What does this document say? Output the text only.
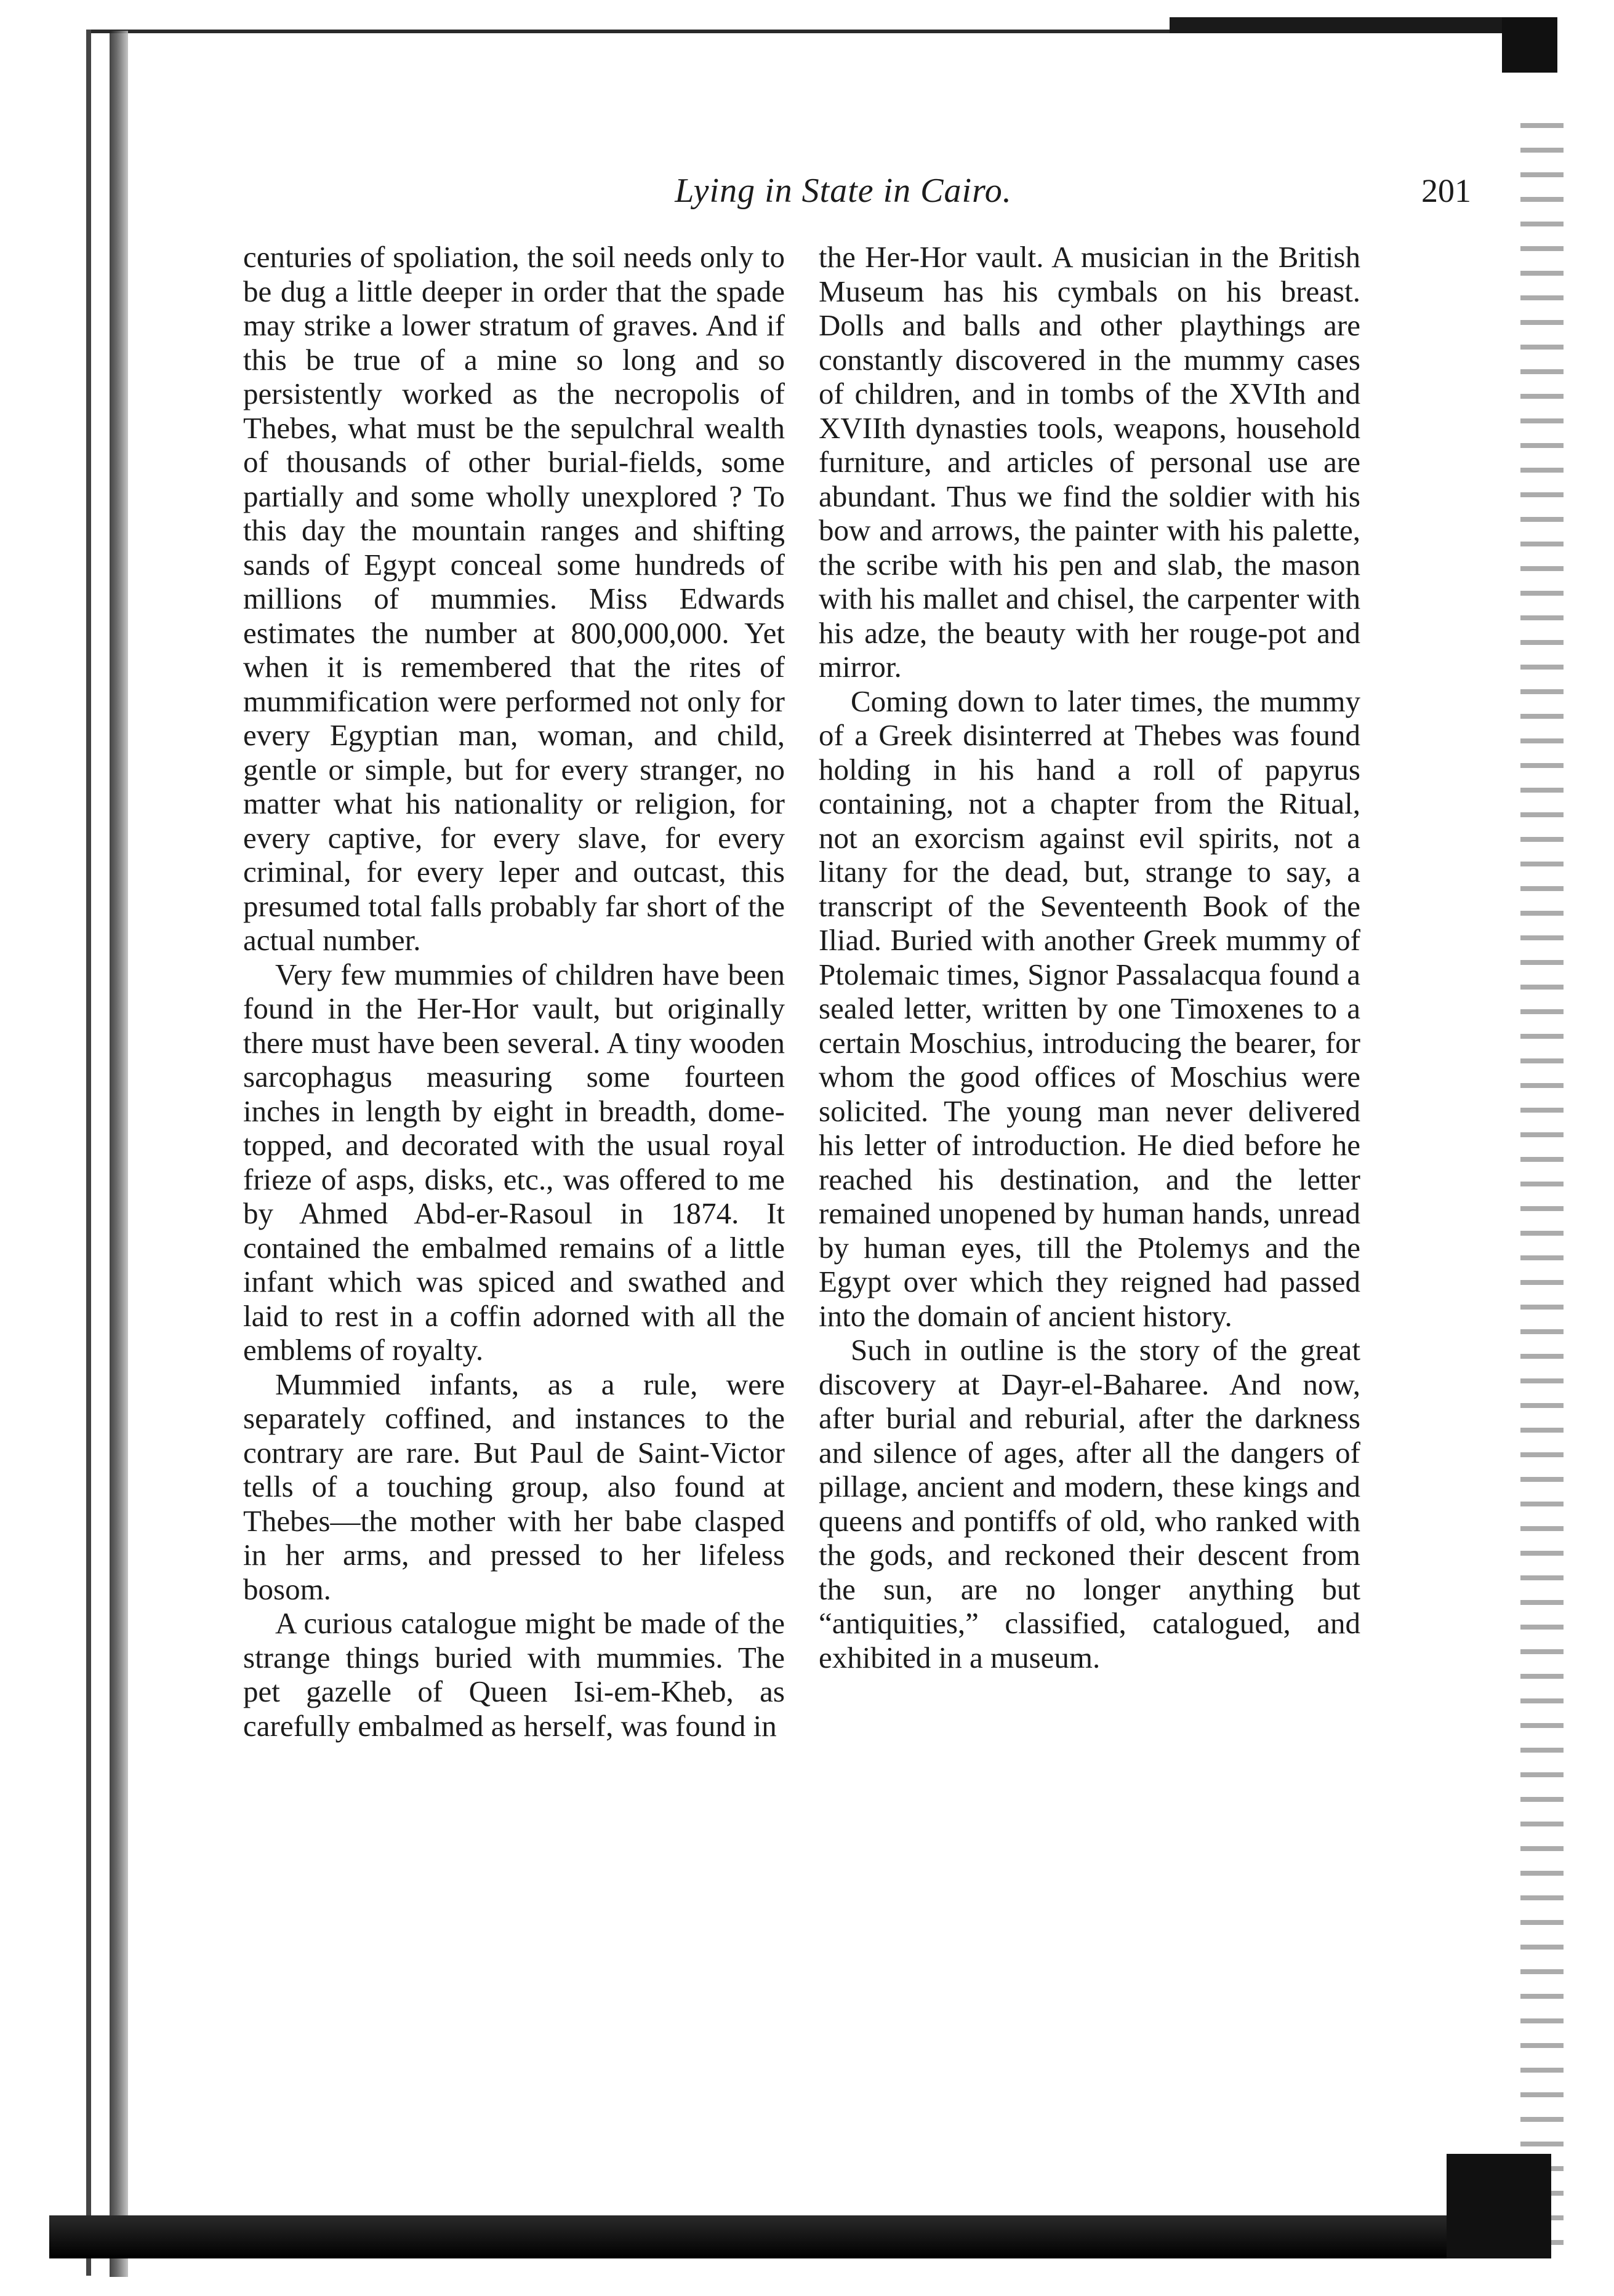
Lying in State in Cairo.	201

centuries of spoliation, the soil needs only to be dug a little deeper in order that the spade may strike a lower stratum of graves. And if this be true of a mine so long and so persistently worked as the necropolis of Thebes, what must be the sepulchral wealth of thousands of other burial-fields, some partially and some wholly unexplored ? To this day the mountain ranges and shifting sands of Egypt conceal some hundreds of millions of mummies. Miss Edwards estimates the number at 800,000,000. Yet when it is remembered that the rites of mummification were performed not only for every Egyptian man, woman, and child, gentle or simple, but for every stranger, no matter what his nationality or religion, for every captive, for every slave, for every criminal, for every leper and outcast, this presumed total falls probably far short of the actual number.

Very few mummies of children have been found in the Her-Hor vault, but originally there must have been several. A tiny wooden sarcophagus measuring some fourteen inches in length by eight in breadth, dome-topped, and decorated with the usual royal frieze of asps, disks, etc., was offered to me by Ahmed Abd-er-Rasoul in 1874. It contained the embalmed remains of a little infant which was spiced and swathed and laid to rest in a coffin adorned with all the emblems of royalty.

Mummied infants, as a rule, were separately coffined, and instances to the contrary are rare. But Paul de Saint-Victor tells of a touching group, also found at Thebes—the mother with her babe clasped in her arms, and pressed to her lifeless bosom.

A curious catalogue might be made of the strange things buried with mummies. The pet gazelle of Queen Isi-em-Kheb, as carefully embalmed as herself, was found in

the Her-Hor vault. A musician in the British Museum has his cymbals on his breast. Dolls and balls and other playthings are constantly discovered in the mummy cases of children, and in tombs of the XVIth and XVIIth dynasties tools, weapons, household furniture, and articles of personal use are abundant. Thus we find the soldier with his bow and arrows, the painter with his palette, the scribe with his pen and slab, the mason with his mallet and chisel, the carpenter with his adze, the beauty with her rouge-pot and mirror.

Coming down to later times, the mummy of a Greek disinterred at Thebes was found holding in his hand a roll of papyrus containing, not a chapter from the Ritual, not an exorcism against evil spirits, not a litany for the dead, but, strange to say, a transcript of the Seventeenth Book of the Iliad. Buried with another Greek mummy of Ptolemaic times, Signor Passalacqua found a sealed letter, written by one Timoxenes to a certain Moschius, introducing the bearer, for whom the good offices of Moschius were solicited. The young man never delivered his letter of introduction. He died before he reached his destination, and the letter remained unopened by human hands, unread by human eyes, till the Ptolemys and the Egypt over which they reigned had passed into the domain of ancient history.

Such in outline is the story of the great discovery at Dayr-el-Baharee. And now, after burial and reburial, after the darkness and silence of ages, after all the dangers of pillage, ancient and modern, these kings and queens and pontiffs of old, who ranked with the gods, and reckoned their descent from the sun, are no longer anything but “antiquities,” classified, catalogued, and exhibited in a museum.
